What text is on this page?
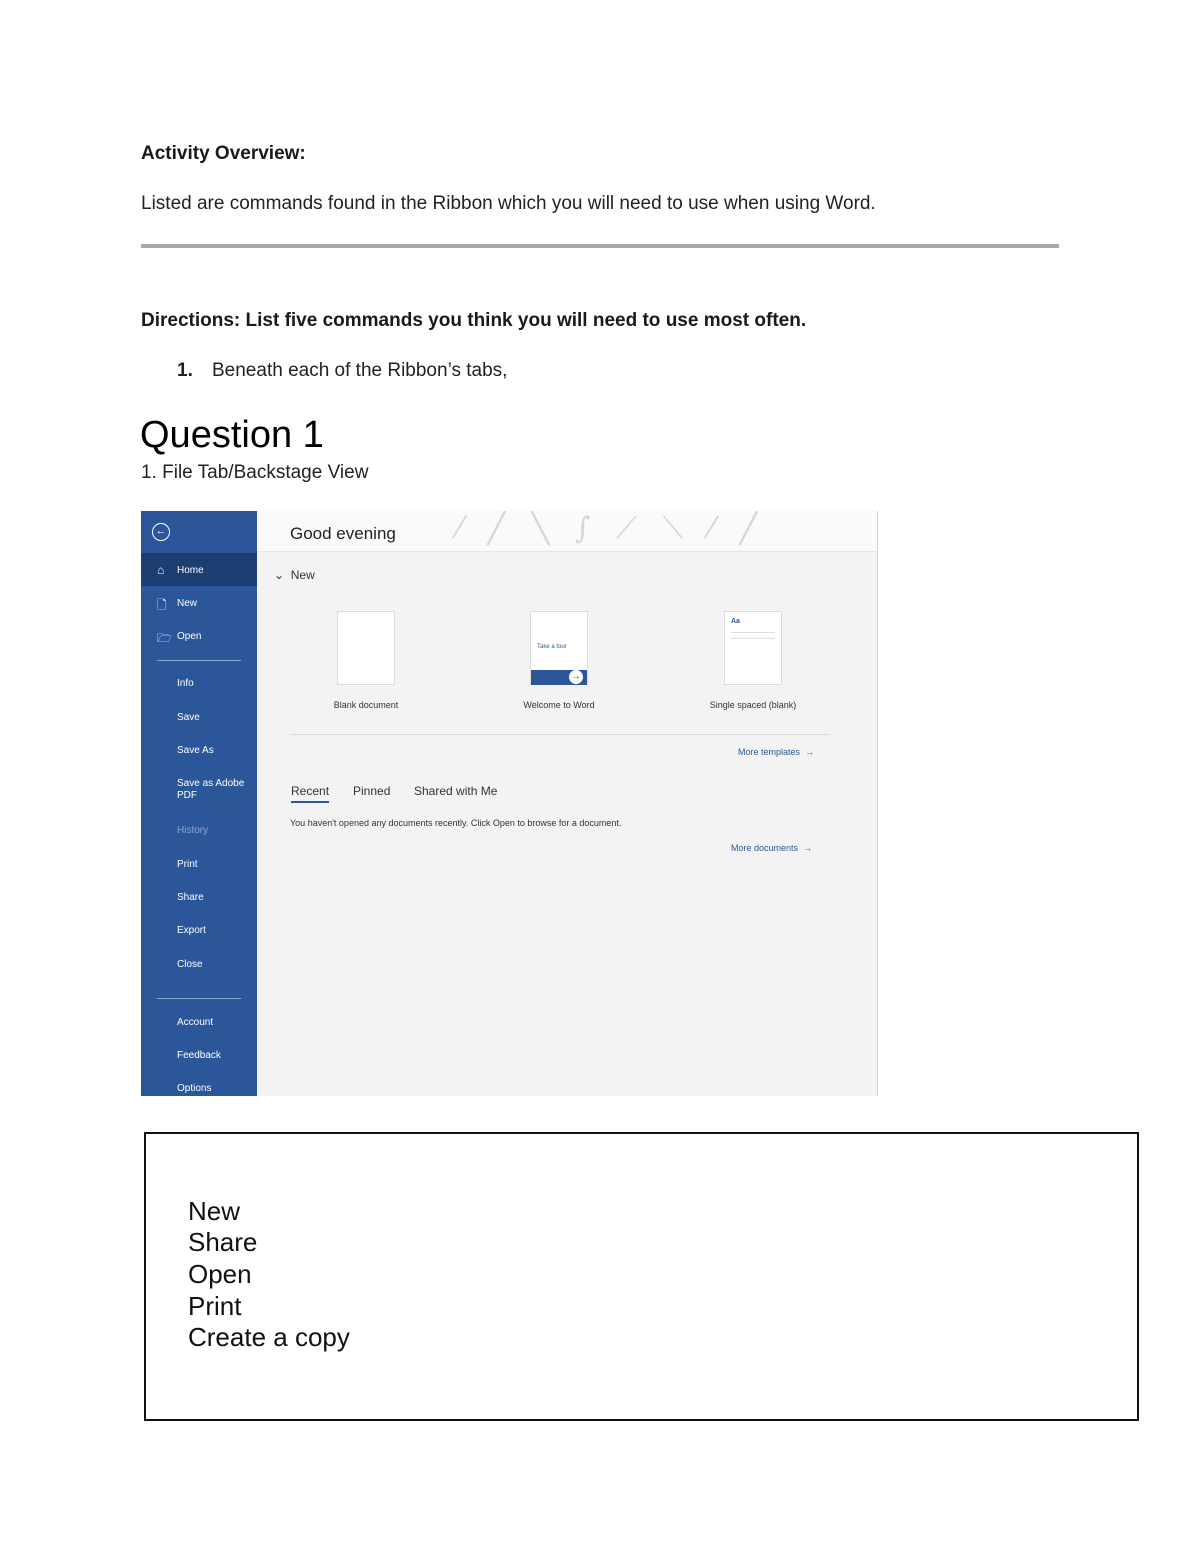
Activity Overview:
Listed are commands found in the Ribbon which you will need to use when using Word.
Directions: List five commands you think you will need to use most often.
1. Beneath each of the Ribbon’s tabs,
Question 1
1. File Tab/Backstage View
←
⌂ Home
🗋 New
🗁 Open
Info
Save
Save As
Save as Adobe PDF
History
Print
Share
Export
Close
Account
Feedback
Options
⁄ ╱ ╲ ∫ ⟋ ⟍ ⁄ ╱
Good evening
⌄ New
Blank document
Take a tour
→
Welcome to Word
Aa
Single spaced (blank)
More templates →
Recent Pinned Shared with Me
You haven't opened any documents recently. Click Open to browse for a document.
More documents →
New
Share
Open
Print
Create a copy
